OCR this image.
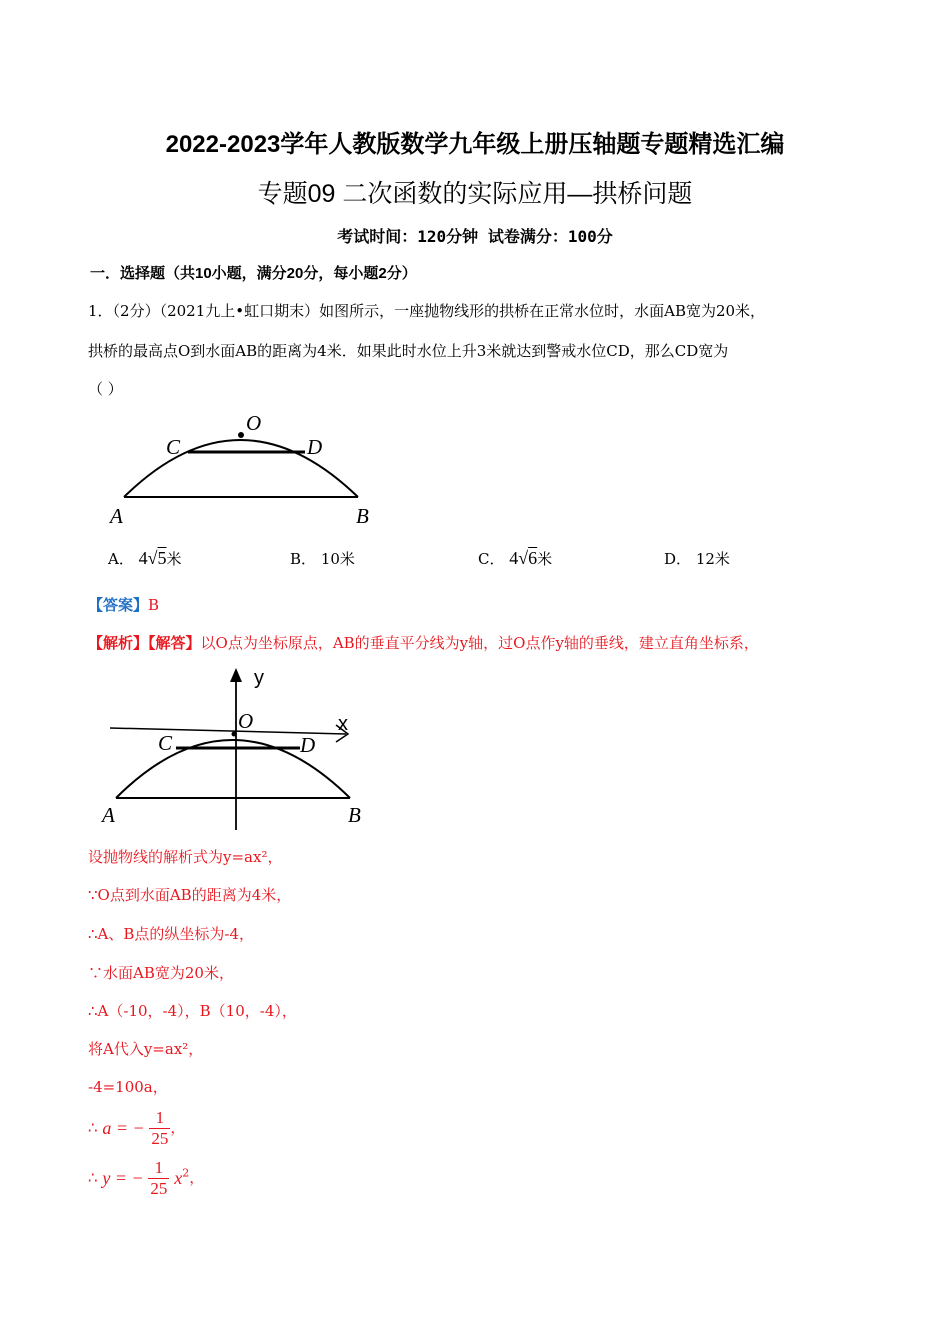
2022-2023学年人教版数学九年级上册压轴题专题精选汇编
专题09 二次函数的实际应用—拱桥问题
考试时间：120分钟 试卷满分：100分
一．选择题（共10小题，满分20分，每小题2分）
1．（2分）（2021九上•虹口期末）如图所示，一座抛物线形的拱桥在正常水位时，水面AB宽为20米，
拱桥的最高点O到水面AB的距离为4米．如果此时水位上升3米就达到警戒水位CD，那么CD宽为
（ ）
A	B
C	D
O
A． 4√5米	B． 10米	C． 4√6米	D． 12米
【答案】B
【解析】【解答】以O点为坐标原点，AB的垂直平分线为y轴，过O点作y轴的垂线，建立直角坐标系，
A	B
C	D
O
y
x
设抛物线的解析式为y=ax²，
∵O点到水面AB的距离为4米，
∴A、B点的纵坐标为-4，
∵水面AB宽为20米，
∴A（-10，-4），B（10，-4），
将A代入y=ax²，
-4=100a，
∴ a = − $\frac{1}{25}$ ，
∴ y = − $\frac{1}{25} x^2$，
